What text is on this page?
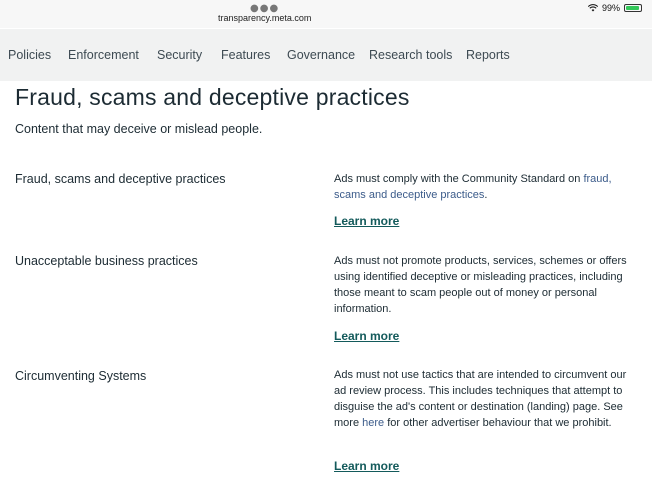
●●●
transparency.meta.com
99%
Policies Enforcement Security Features Governance Research tools Reports
Fraud, scams and deceptive practices
Content that may deceive or mislead people.
Fraud, scams and deceptive practices	Ads must comply with the Community Standard on fraud, scams and deceptive practices.
Learn more
Unacceptable business practices	Ads must not promote products, services, schemes or offers using identified deceptive or misleading practices, including those meant to scam people out of money or personal information.
Learn more
Circumventing Systems	Ads must not use tactics that are intended to circumvent our ad review process. This includes techniques that attempt to disguise the ad's content or destination (landing) page. See more here for other advertiser behaviour that we prohibit.
Learn more
